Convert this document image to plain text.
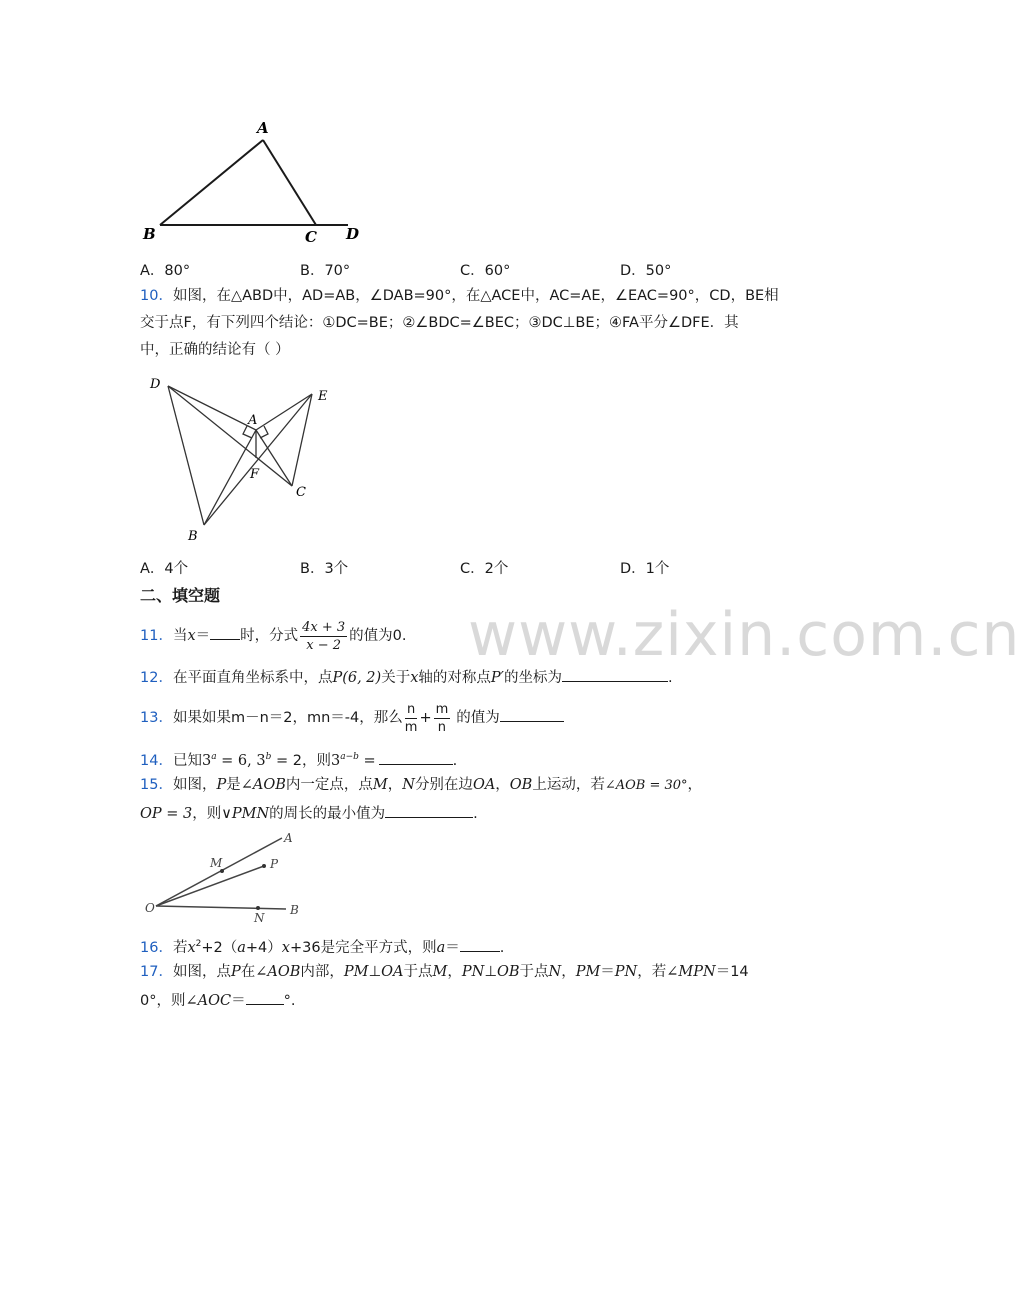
www.zixin.com.cn
A
B	C D
A．80°	B．70°	C．60°	D．50°
10．如图，在△ABD中，AD=AB，∠DAB=90°，在△ACE中，AC=AE，∠EAC=90°，CD，BE相
交于点F，有下列四个结论：①DC=BE；②∠BDC=∠BEC；③DC⊥BE；④FA平分∠DFE．其
中，正确的结论有（ ）
D
E
A
F
C
B
A．4个	B．3个	C．2个	D．1个
二、填空题
11．当x＝ 时，分式 $\frac{4x + 3}{x - 2}$ 的值为0.
12．在平面直角坐标系中，点P(6, 2)关于x轴的对称点P′的坐标为	.
13．如果如果m－n＝2，mn＝-4，那么 $\frac{n}{m} + \frac{m}{n}$ 的值为
14．已知$3^a = 6$, $3^b = 2$，则$3^{a-b}$ =	.
15．如图，P是∠AOB内一定点，点M，N分别在边OA，OB上运动，若∠AOB = 30°，
OP = 3，则∨PMN的周长的最小值为	.
A
M	P
O
N
B
16．若$x^2+2(a+4)x+36$是完全平方式，则a＝	.
17．如图，点P在∠AOB内部，PM⊥OA于点M，PN⊥OB于点N，PM＝PN，若∠MPN＝14
0°，则∠AOC＝	°.
